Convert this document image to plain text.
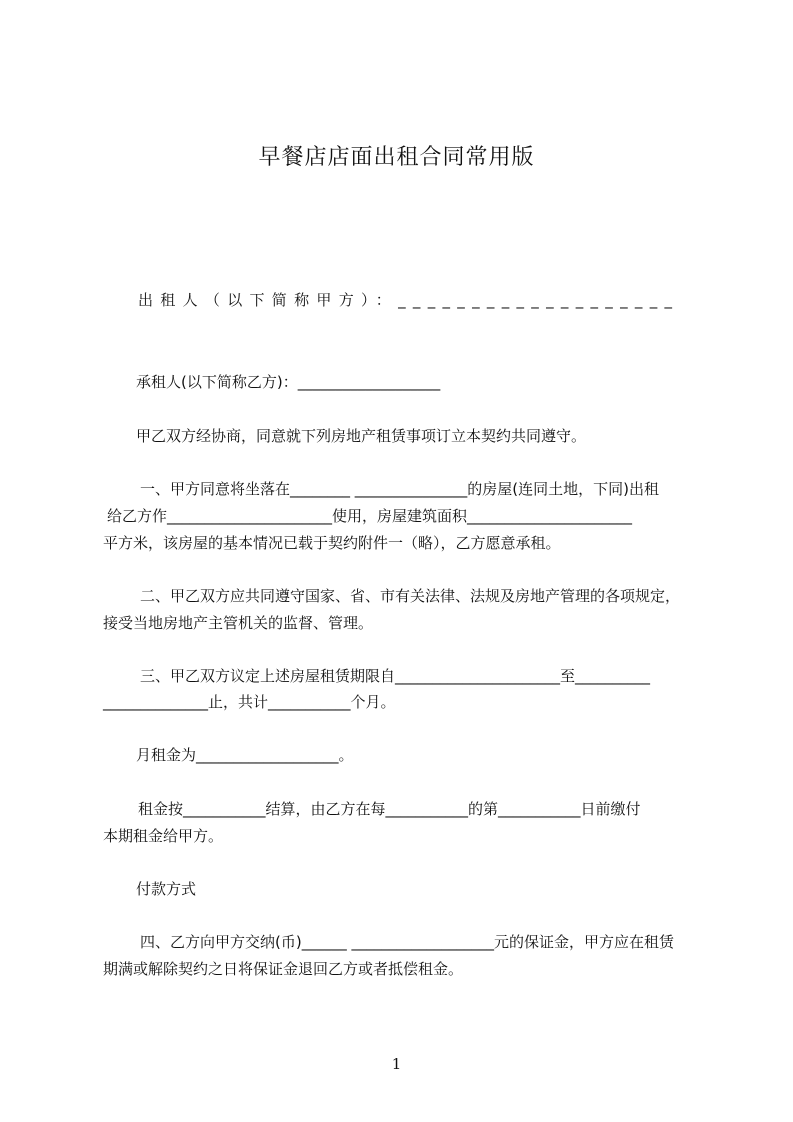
早餐店店面出租合同常用版
出租人（以下简称甲方）：___________________
承租人(以下简称乙方)：___________________
甲乙双方经协商，同意就下列房地产租赁事项订立本契约共同遵守。
一、甲方同意将坐落在________ _______________的房屋(连同土地，下同)出租
给乙方作______________________使用，房屋建筑面积______________________
平方米，该房屋的基本情况已载于契约附件一（略），乙方愿意承租。
二、甲乙双方应共同遵守国家、省、市有关法律、法规及房地产管理的各项规定，
接受当地房地产主管机关的监督、管理。
三、甲乙双方议定上述房屋租赁期限自______________________至__________
______________止，共计___________个月。
月租金为___________________。
租金按___________结算，由乙方在每___________的第___________日前缴付
本期租金给甲方。
付款方式
四、乙方向甲方交纳(币)______ ___________________元的保证金，甲方应在租赁
期满或解除契约之日将保证金退回乙方或者抵偿租金。
1
